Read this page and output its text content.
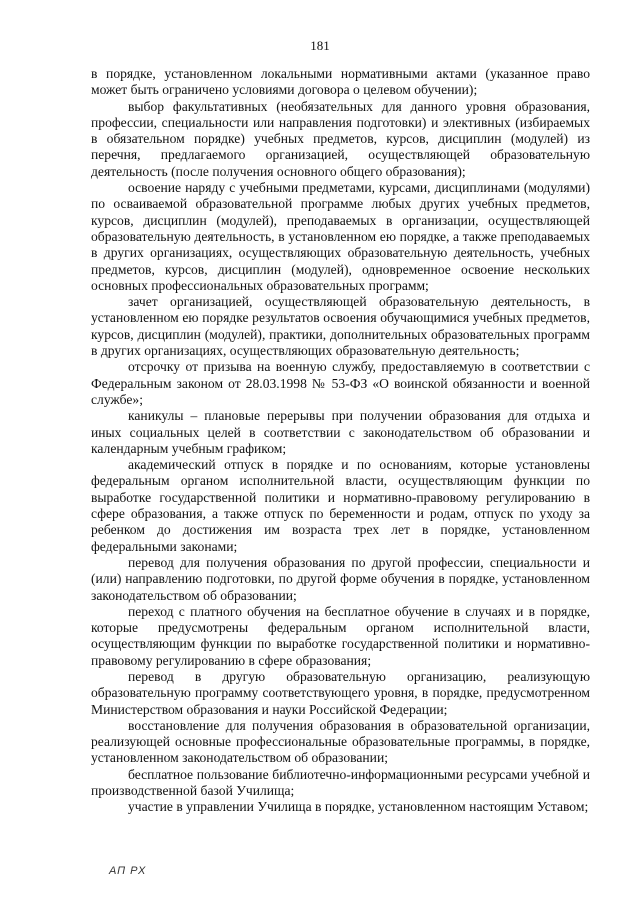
181

в порядке, установленном локальными нормативными актами (указанное право может быть ограничено условиями договора о целевом обучении);

выбор факультативных (необязательных для данного уровня образования, профессии, специальности или направления подготовки) и элективных (избираемых в обязательном порядке) учебных предметов, курсов, дисциплин (модулей) из перечня, предлагаемого организацией, осуществляющей образовательную деятельность (после получения основного общего образования);

освоение наряду с учебными предметами, курсами, дисциплинами (модулями) по осваиваемой образовательной программе любых других учебных предметов, курсов, дисциплин (модулей), преподаваемых в организации, осуществляющей образовательную деятельность, в установленном ею порядке, а также преподаваемых в других организациях, осуществляющих образовательную деятельность, учебных предметов, курсов, дисциплин (модулей), одновременное освоение нескольких основных профессиональных образовательных программ;

зачет организацией, осуществляющей образовательную деятельность, в установленном ею порядке результатов освоения обучающимися учебных предметов, курсов, дисциплин (модулей), практики, дополнительных образовательных программ в других организациях, осуществляющих образовательную деятельность;

отсрочку от призыва на военную службу, предоставляемую в соответствии с Федеральным законом от 28.03.1998 № 53-ФЗ «О воинской обязанности и военной службе»;

каникулы – плановые перерывы при получении образования для отдыха и иных социальных целей в соответствии с законодательством об образовании и календарным учебным графиком;

академический отпуск в порядке и по основаниям, которые установлены федеральным органом исполнительной власти, осуществляющим функции по выработке государственной политики и нормативно-правовому регулированию в сфере образования, а также отпуск по беременности и родам, отпуск по уходу за ребенком до достижения им возраста трех лет в порядке, установленном федеральными законами;

перевод для получения образования по другой профессии, специальности и (или) направлению подготовки, по другой форме обучения в порядке, установленном законодательством об образовании;

переход с платного обучения на бесплатное обучение в случаях и в порядке, которые предусмотрены федеральным органом исполнительной власти, осуществляющим функции по выработке государственной политики и нормативно-правовому регулированию в сфере образования;

перевод в другую образовательную организацию, реализующую образовательную программу соответствующего уровня, в порядке, предусмотренном Министерством образования и науки Российской Федерации;

восстановление для получения образования в образовательной организации, реализующей основные профессиональные образовательные программы, в порядке, установленном законодательством об образовании;

бесплатное пользование библиотечно-информационными ресурсами учебной и производственной базой Училища;

участие в управлении Училища в порядке, установленном настоящим Уставом;

АП РХ
